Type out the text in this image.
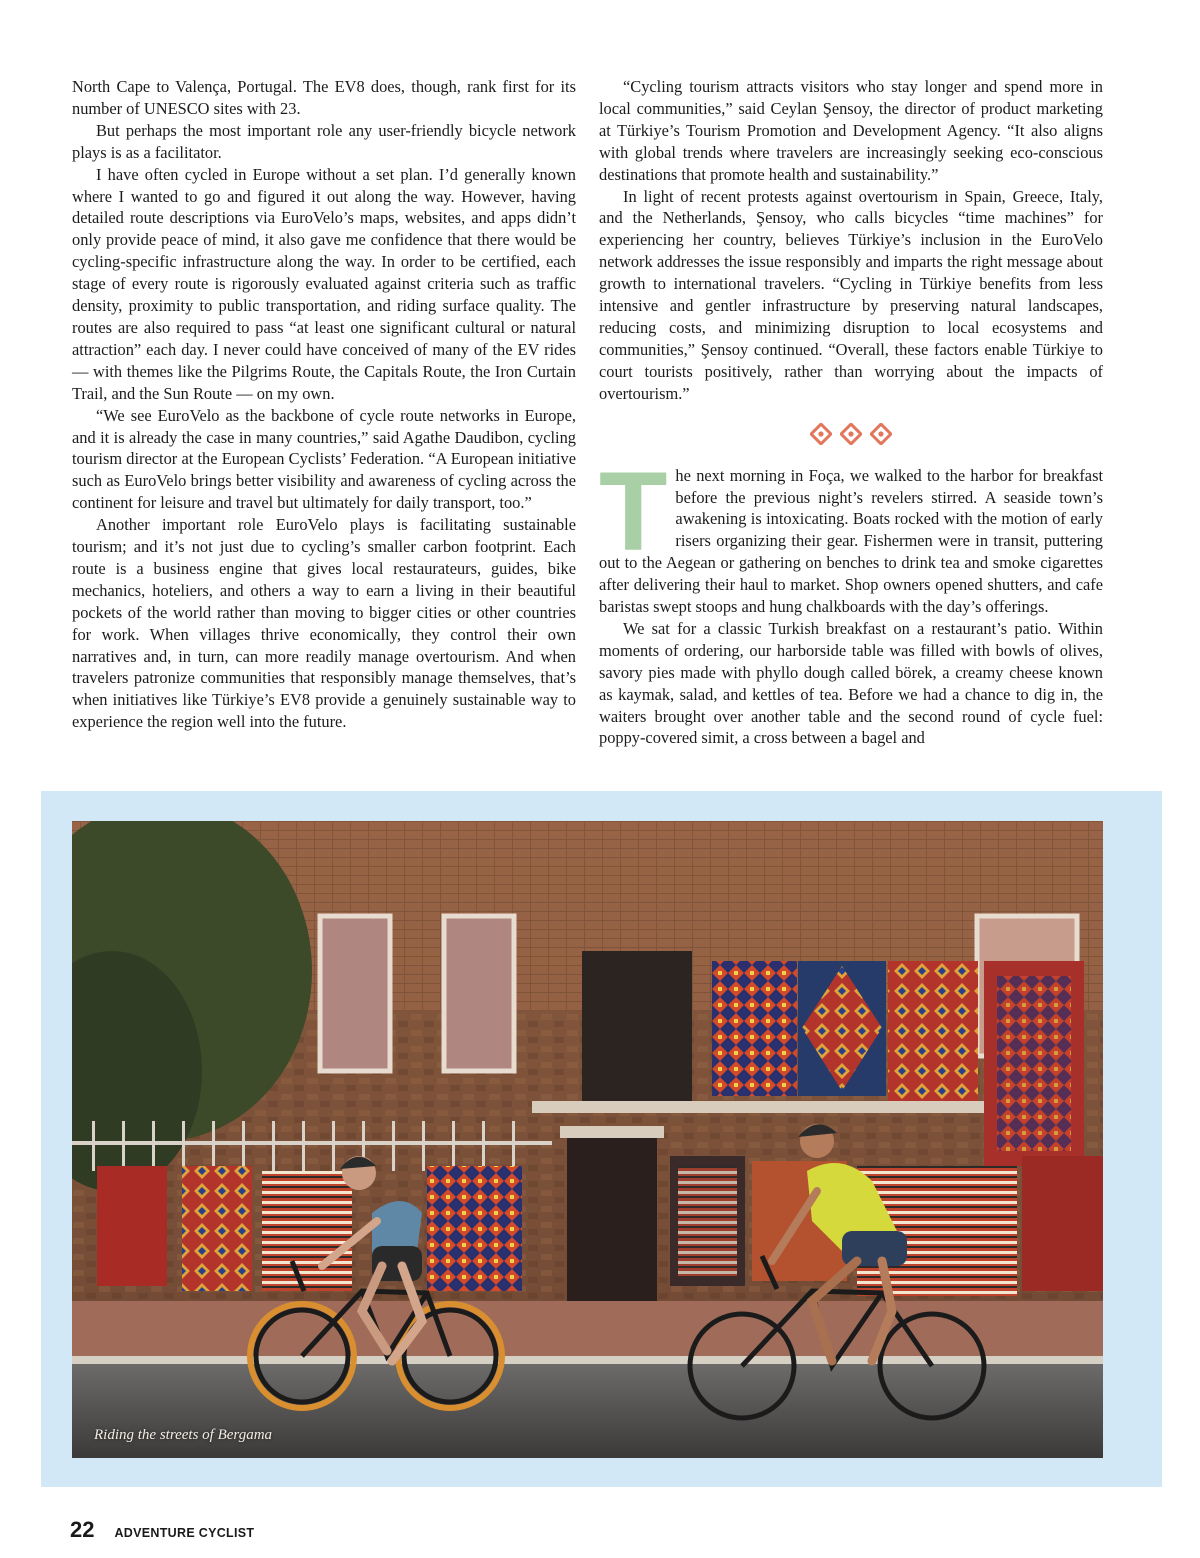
North Cape to Valença, Portugal. The EV8 does, though, rank first for its number of UNESCO sites with 23.

But perhaps the most important role any user-friendly bicycle network plays is as a facilitator.

I have often cycled in Europe without a set plan. I’d generally known where I wanted to go and figured it out along the way. However, having detailed route descriptions via EuroVelo’s maps, websites, and apps didn’t only provide peace of mind, it also gave me confidence that there would be cycling-specific infrastructure along the way. In order to be certified, each stage of every route is rigorously evaluated against criteria such as traffic density, proximity to public transportation, and riding surface quality. The routes are also required to pass “at least one significant cultural or natural attraction” each day. I never could have conceived of many of the EV rides — with themes like the Pilgrims Route, the Capitals Route, the Iron Curtain Trail, and the Sun Route — on my own.

“We see EuroVelo as the backbone of cycle route networks in Europe, and it is already the case in many countries,” said Agathe Daudibon, cycling tourism director at the European Cyclists’ Federation. “A European initiative such as EuroVelo brings better visibility and awareness of cycling across the continent for leisure and travel but ultimately for daily transport, too.”

Another important role EuroVelo plays is facilitating sustainable tourism; and it’s not just due to cycling’s smaller carbon footprint. Each route is a business engine that gives local restaurateurs, guides, bike mechanics, hoteliers, and others a way to earn a living in their beautiful pockets of the world rather than moving to bigger cities or other countries for work. When villages thrive economically, they control their own narratives and, in turn, can more readily manage overtourism. And when travelers patronize communities that responsibly manage themselves, that’s when initiatives like Türkiye’s EV8 provide a genuinely sustainable way to experience the region well into the future.

“Cycling tourism attracts visitors who stay longer and spend more in local communities,” said Ceylan Şensoy, the director of product marketing at Türkiye’s Tourism Promotion and Development Agency. “It also aligns with global trends where travelers are increasingly seeking eco-conscious destinations that promote health and sustainability.”

In light of recent protests against overtourism in Spain, Greece, Italy, and the Netherlands, Şensoy, who calls bicycles “time machines” for experiencing her country, believes Türkiye’s inclusion in the EuroVelo network addresses the issue responsibly and imparts the right message about growth to international travelers. “Cycling in Türkiye benefits from less intensive and gentler infrastructure by preserving natural landscapes, reducing costs, and minimizing disruption to local ecosystems and communities,” Şensoy continued. “Overall, these factors enable Türkiye to court tourists positively, rather than worrying about the impacts of overtourism.”

The next morning in Foça, we walked to the harbor for breakfast before the previous night’s revelers stirred. A seaside town’s awakening is intoxicating. Boats rocked with the motion of early risers organizing their gear. Fishermen were in transit, puttering out to the Aegean or gathering on benches to drink tea and smoke cigarettes after delivering their haul to market. Shop owners opened shutters, and cafe baristas swept stoops and hung chalkboards with the day’s offerings.

We sat for a classic Turkish breakfast on a restaurant’s patio. Within moments of ordering, our harborside table was filled with bowls of olives, savory pies made with phyllo dough called börek, a creamy cheese known as kaymak, salad, and kettles of tea. Before we had a chance to dig in, the waiters brought over another table and the second round of cycle fuel: poppy-covered simit, a cross between a bagel and

Riding the streets of Bergama
22 ADVENTURE CYCLIST
